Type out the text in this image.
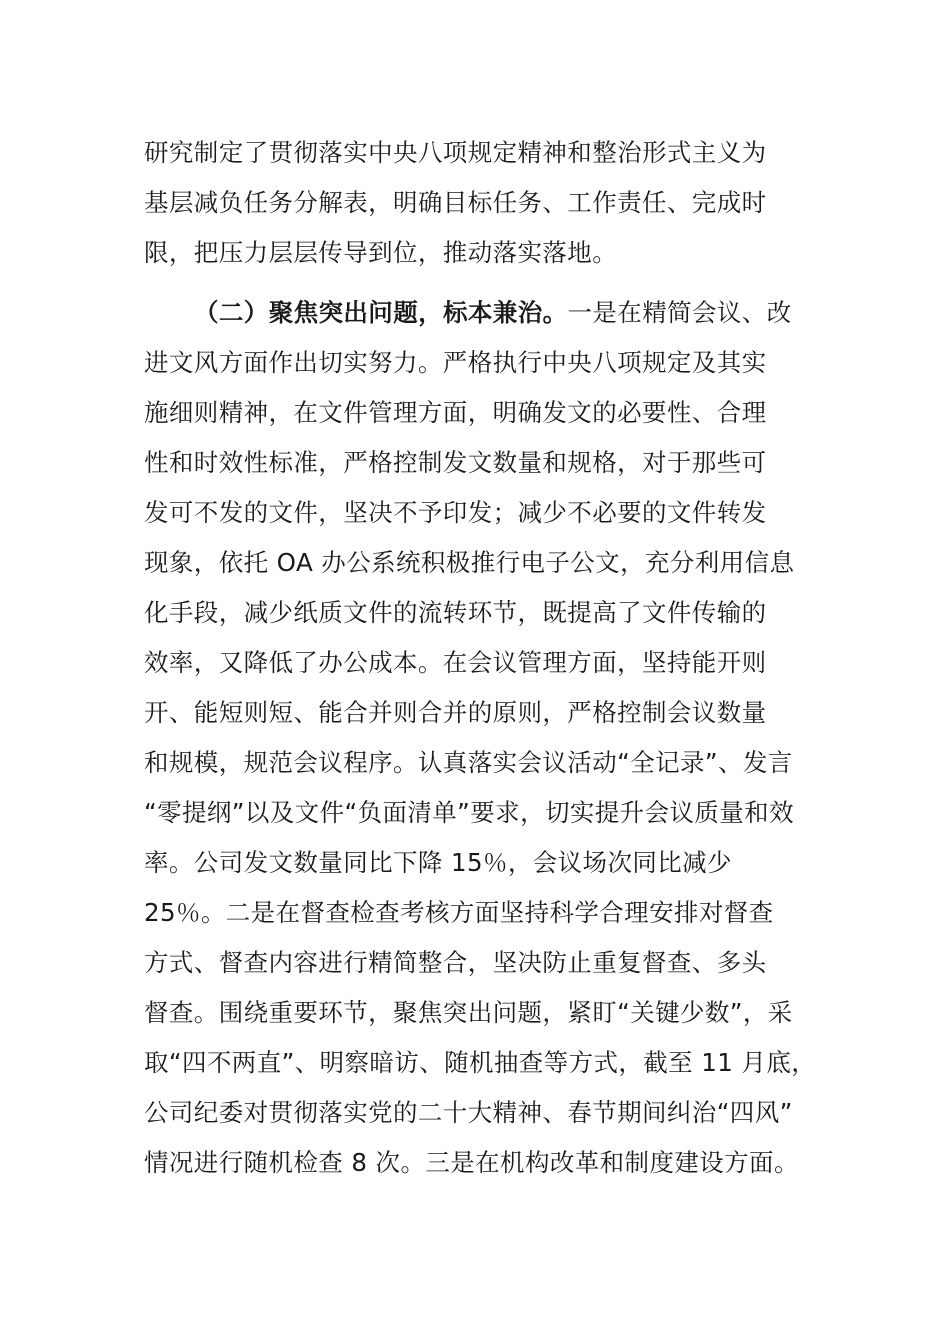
研究制定了贯彻落实中央八项规定精神和整治形式主义为
基层减负任务分解表，明确目标任务、工作责任、完成时
限，把压力层层传导到位，推动落实落地。
（二）聚焦突出问题，标本兼治。一是在精简会议、改
进文风方面作出切实努力。严格执行中央八项规定及其实
施细则精神，在文件管理方面，明确发文的必要性、合理
性和时效性标准，严格控制发文数量和规格，对于那些可
发可不发的文件，坚决不予印发；减少不必要的文件转发
现象，依托 OA 办公系统积极推行电子公文，充分利用信息
化手段，减少纸质文件的流转环节，既提高了文件传输的
效率，又降低了办公成本。在会议管理方面，坚持能开则
开、能短则短、能合并则合并的原则，严格控制会议数量
和规模，规范会议程序。认真落实会议活动“全记录”、发言
“零提纲”以及文件“负面清单”要求，切实提升会议质量和效
率。公司发文数量同比下降 15％，会议场次同比减少
25％。二是在督查检查考核方面坚持科学合理安排对督查
方式、督查内容进行精简整合，坚决防止重复督查、多头
督查。围绕重要环节，聚焦突出问题，紧盯“关键少数”，采
取“四不两直”、明察暗访、随机抽查等方式，截至 11 月底，
公司纪委对贯彻落实党的二十大精神、春节期间纠治“四风”
情况进行随机检查 8 次。三是在机构改革和制度建设方面。
